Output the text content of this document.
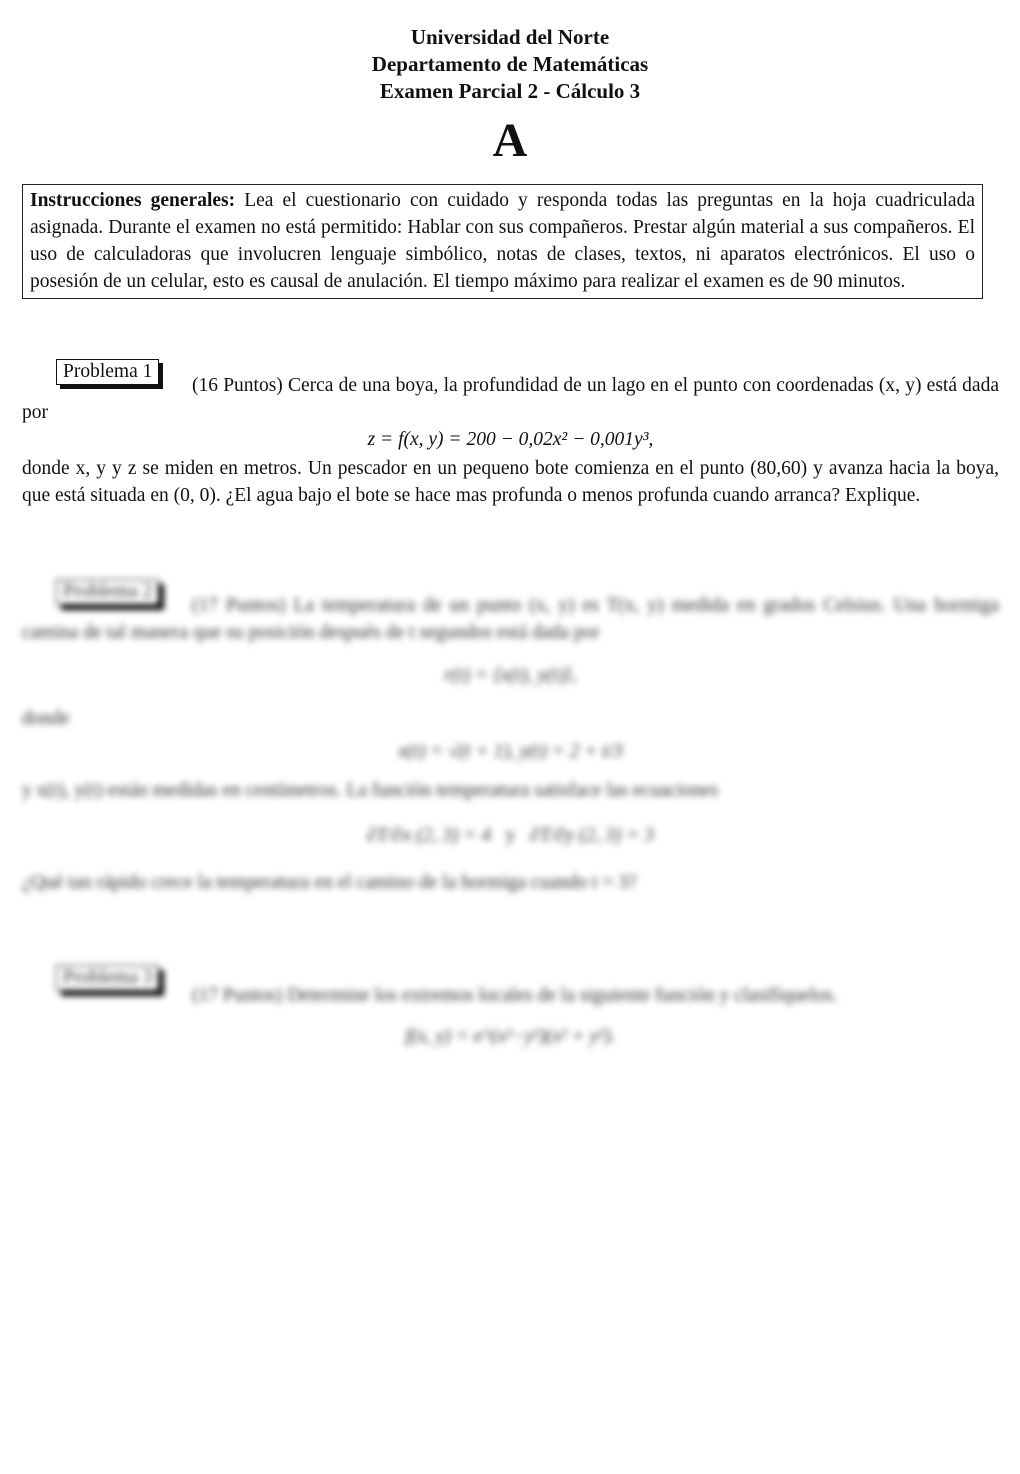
Universidad del Norte
Departamento de Matemáticas
Examen Parcial 2 - Cálculo 3
A
Instrucciones generales: Lea el cuestionario con cuidado y responda todas las preguntas en la hoja cuadriculada asignada. Durante el examen no está permitido: Hablar con sus compañeros. Prestar algún material a sus compañeros. El uso de calculadoras que involucren lenguaje simbólico, notas de clases, textos, ni aparatos electrónicos. El uso o posesión de un celular, esto es causal de anulación. El tiempo máximo para realizar el examen es de 90 minutos.
Problema 1
(16 Puntos) Cerca de una boya, la profundidad de un lago en el punto con coordenadas (x, y) está dada por
z = f(x, y) = 200 − 0,02x² − 0,001y³,
donde x, y y z se miden en metros. Un pescador en un pequeno bote comienza en el punto (80,60) y avanza hacia la boya, que está situada en (0, 0). ¿El agua bajo el bote se hace mas profunda o menos profunda cuando arranca? Explique.
Problema 2
(17 Puntos) La temperatura de un punto (x, y) es T(x, y) medida en grados Celsius. Una hormiga camina de tal manera que su posición después de t segundos está dada por
r(t) = ⟨x(t), y(t)⟩,
donde
x(t) = √(t + 1), y(t) = 2 + t/3
y x(t), y(t) están medidas en centímetros. La función temperatura satisface las ecuaciones
∂T/∂x (2, 3) = 4 y ∂T/∂y (2, 3) = 3
¿Qué tan rápido crece la temperatura en el camino de la hormiga cuando t = 3?
Problema 3
(17 Puntos) Determine los extremos locales de la siguiente función y clasifíquelos.
f(x, y) = e^(x²−y²)(x² + y²).
